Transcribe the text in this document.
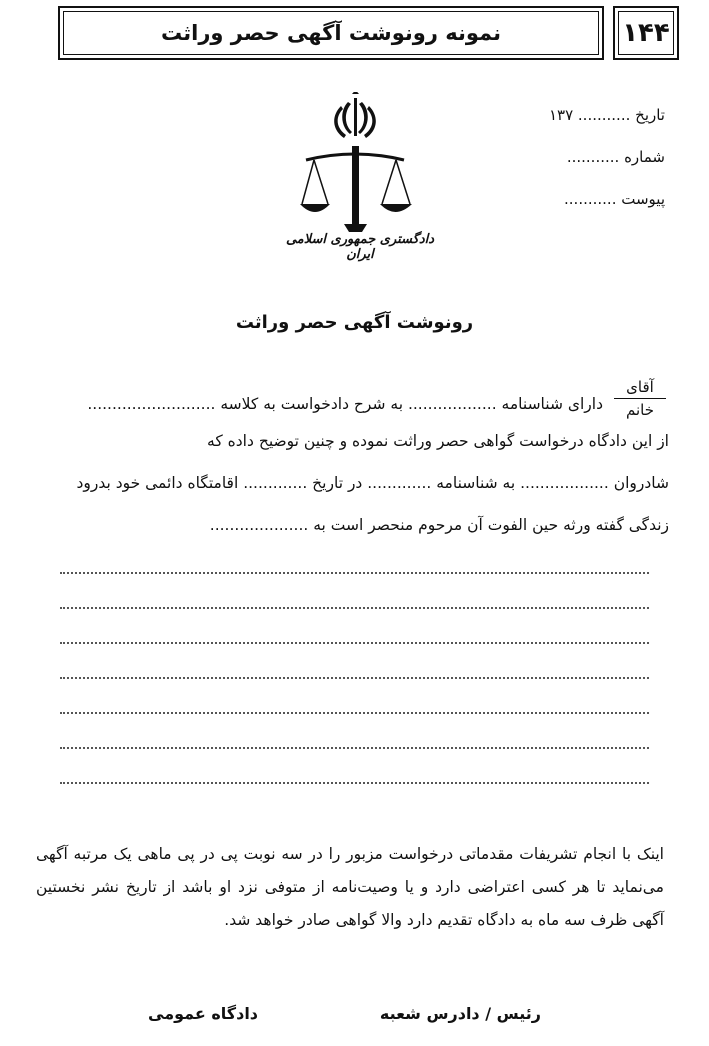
نمونه رونوشت آگهی حصر وراثت	۱۴۴
تاریخ ........... ۱۳۷
شماره ...........
پیوست ...........
دادگستری جمهوری اسلامی ایران
رونوشت آگهی حصر وراثت
آقای
خانم
دارای شناسنامه .................. به شرح دادخواست به کلاسه ..........................
از این دادگاه درخواست گواهی حصر وراثت نموده و چنین توضیح داده که
شادروان .................. به شناسنامه ............. در تاریخ ............. اقامتگاه دائمی خود بدرود
زندگی گفته ورثه حین الفوت آن مرحوم منحصر است به ....................
اینک با انجام تشریفات مقدماتی درخواست مزبور را در سه نوبت پی در پی ماهی یک مرتبه آگهی می‌نماید تا هر کسی اعتراضی دارد و یا وصیت‌نامه از متوفی نزد او باشد از تاریخ نشر نخستین آگهی ظرف سه ماه به دادگاه تقدیم دارد والا گواهی صادر خواهد شد.
رئیس / دادرس شعبه
دادگاه عمومی
